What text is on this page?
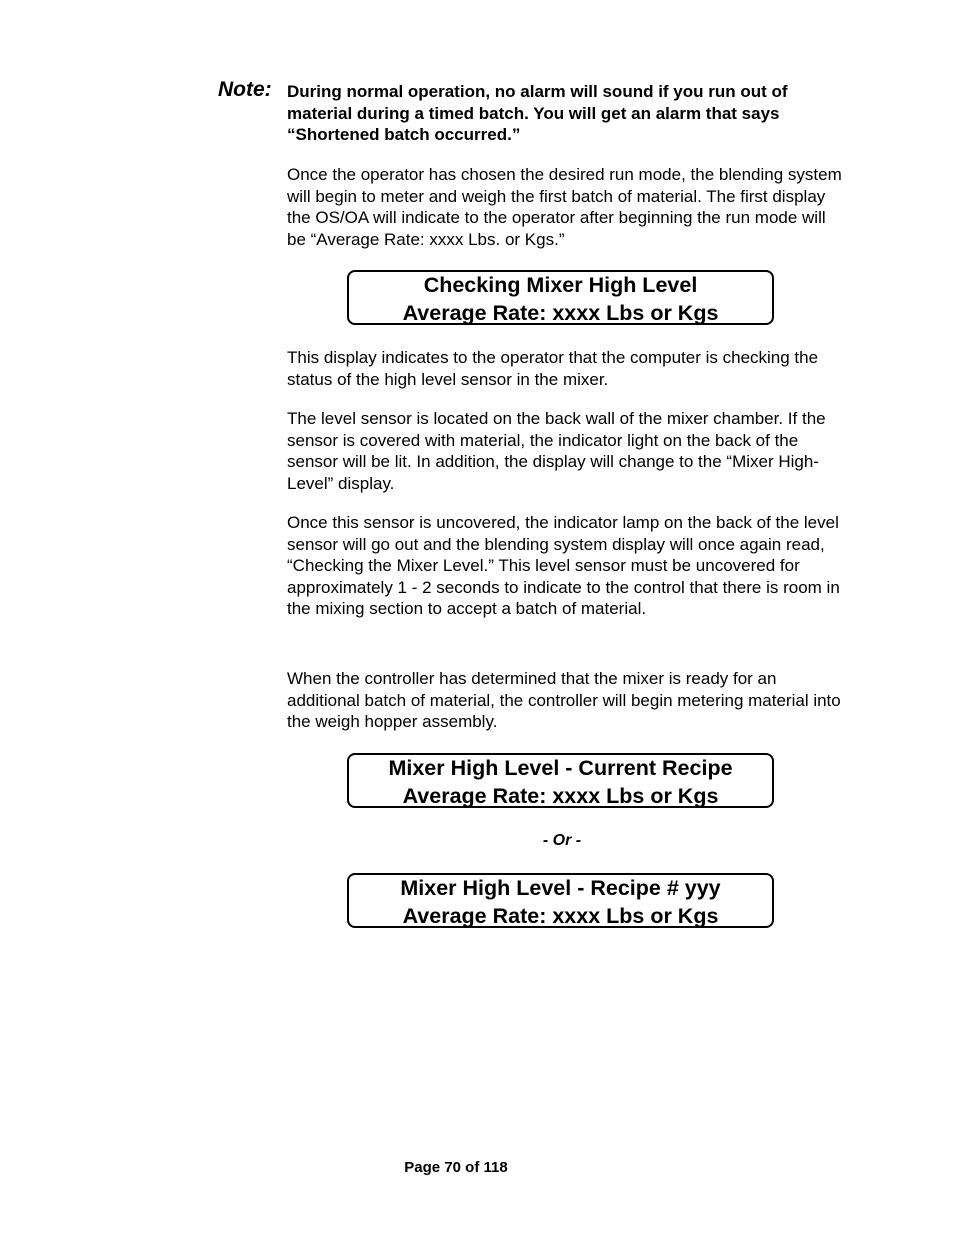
Note: During normal operation, no alarm will sound if you run out of material during a timed batch. You will get an alarm that says “Shortened batch occurred.”

Once the operator has chosen the desired run mode, the blending system will begin to meter and weigh the first batch of material. The first display the OS/OA will indicate to the operator after beginning the run mode will be “Average Rate: xxxx Lbs. or Kgs.”

Checking Mixer High Level
Average Rate: xxxx Lbs or Kgs

This display indicates to the operator that the computer is checking the status of the high level sensor in the mixer.

The level sensor is located on the back wall of the mixer chamber. If the sensor is covered with material, the indicator light on the back of the sensor will be lit. In addition, the display will change to the “Mixer High-Level” display.

Once this sensor is uncovered, the indicator lamp on the back of the level sensor will go out and the blending system display will once again read, “Checking the Mixer Level.” This level sensor must be uncovered for approximately 1 - 2 seconds to indicate to the control that there is room in the mixing section to accept a batch of material.

When the controller has determined that the mixer is ready for an additional batch of material, the controller will begin metering material into the weigh hopper assembly.

Mixer High Level - Current Recipe
Average Rate: xxxx Lbs or Kgs
- Or -
Mixer High Level - Recipe # yyy
Average Rate: xxxx Lbs or Kgs
Page 70 of 118
